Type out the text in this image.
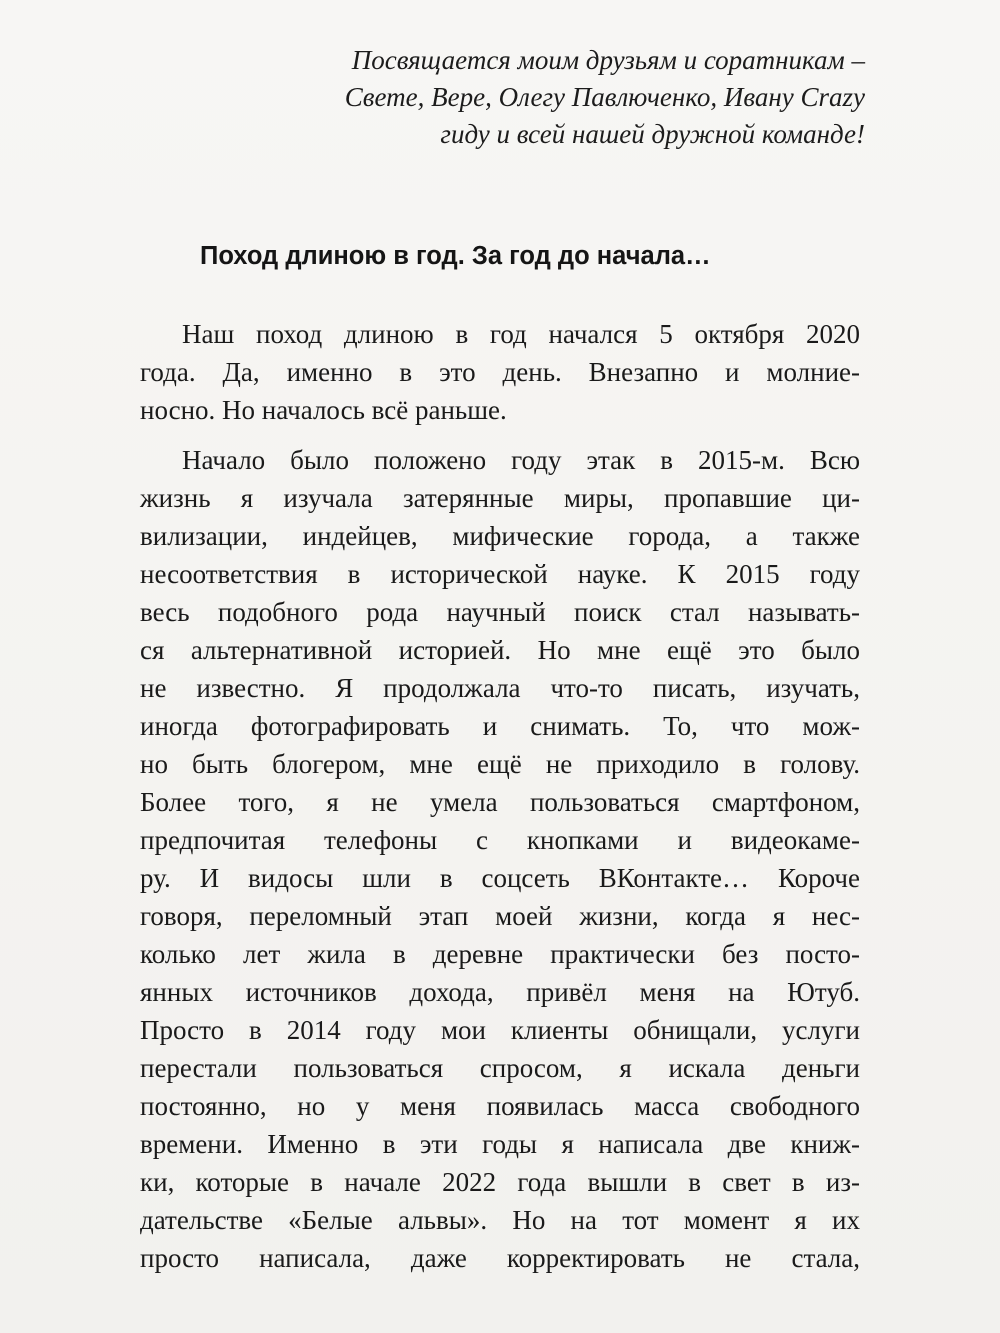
Посвящается моим друзьям и соратникам –
Свете, Вере, Олегу Павлюченко, Ивану Crazy
гиду и всей нашей дружной команде!
Поход длиною в год. За год до начала…
Наш поход длиною в год начался 5 октября 2020
года. Да, именно в это день. Внезапно и молние-
носно. Но началось всё раньше.
Начало было положено году этак в 2015-м. Всю
жизнь я изучала затерянные миры, пропавшие ци-
вилизации, индейцев, мифические города, а также
несоответствия в исторической науке. К 2015 году
весь подобного рода научный поиск стал называть-
ся альтернативной историей. Но мне ещё это было
не известно. Я продолжала что-то писать, изучать,
иногда фотографировать и снимать. То, что мож-
но быть блогером, мне ещё не приходило в голову.
Более того, я не умела пользоваться смартфоном,
предпочитая телефоны с кнопками и видеокаме-
ру. И видосы шли в соцсеть ВКонтакте… Короче
говоря, переломный этап моей жизни, когда я нес-
колько лет жила в деревне практически без посто-
янных источников дохода, привёл меня на Ютуб.
Просто в 2014 году мои клиенты обнищали, услуги
перестали пользоваться спросом, я искала деньги
постоянно, но у меня появилась масса свободного
времени. Именно в эти годы я написала две книж-
ки, которые в начале 2022 года вышли в свет в из-
дательстве «Белые альвы». Но на тот момент я их
просто написала, даже корректировать не стала,
